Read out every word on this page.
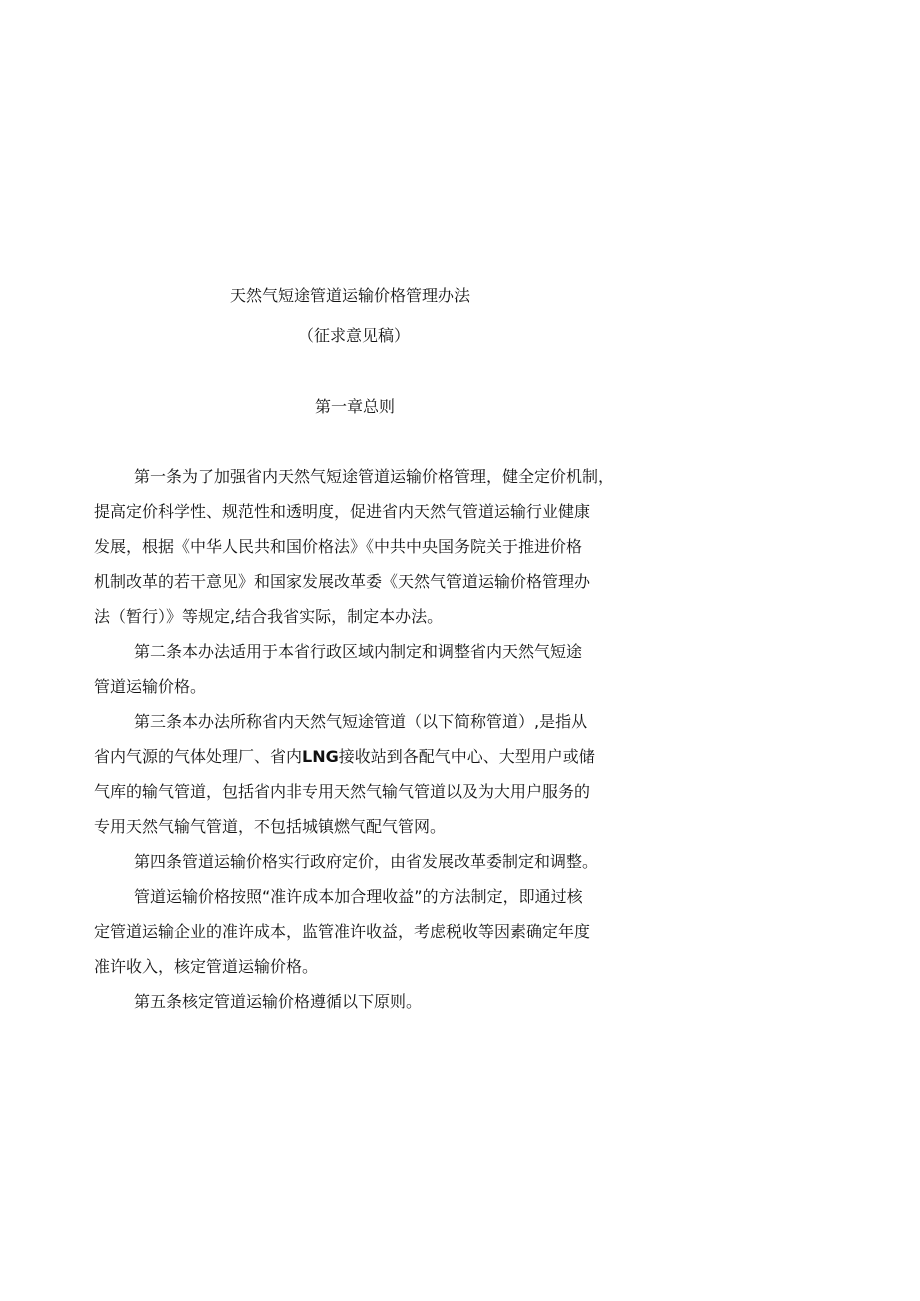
天然气短途管道运输价格管理办法
（征求意见稿）
第一章总则
第一条为了加强省内天然气短途管道运输价格管理，健全定价机制，
提高定价科学性、规范性和透明度，促进省内天然气管道运输行业健康
发展，根据《中华人民共和国价格法》《中共中央国务院关于推进价格
机制改革的若干意见》和国家发展改革委《天然气管道运输价格管理办
法（暂行）》等规定,结合我省实际，制定本办法。
第二条本办法适用于本省行政区域内制定和调整省内天然气短途
管道运输价格。
第三条本办法所称省内天然气短途管道（以下简称管道）,是指从
省内气源的气体处理厂、省内LNG接收站到各配气中心、大型用户或储
气库的输气管道，包括省内非专用天然气输气管道以及为大用户服务的
专用天然气输气管道，不包括城镇燃气配气管网。
第四条管道运输价格实行政府定价，由省发展改革委制定和调整。
管道运输价格按照“准许成本加合理收益”的方法制定，即通过核
定管道运输企业的准许成本，监管准许收益，考虑税收等因素确定年度
准许收入，核定管道运输价格。
第五条核定管道运输价格遵循以下原则。
